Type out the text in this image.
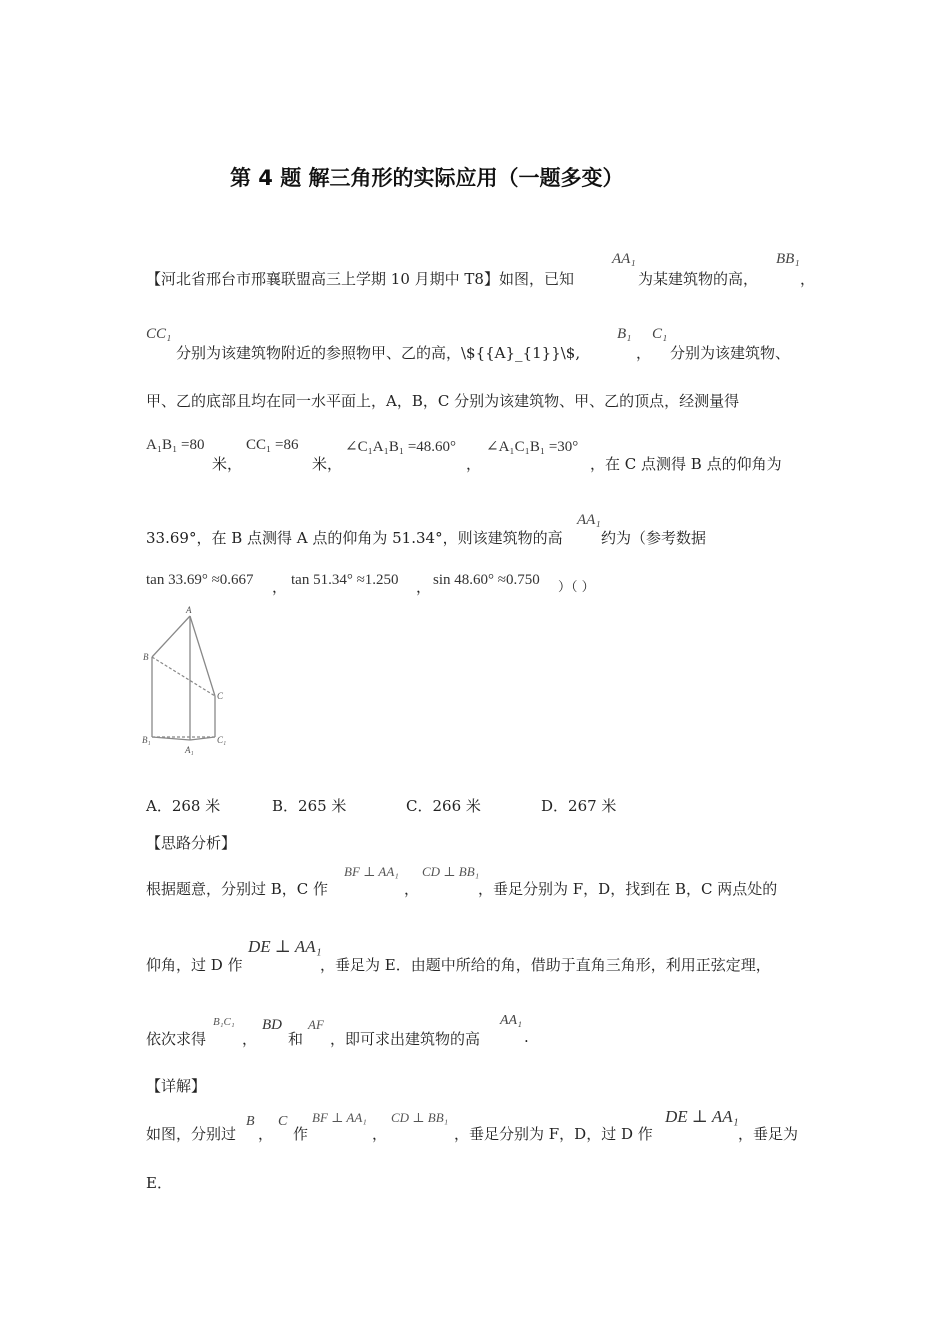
第 4 题 解三角形的实际应用（一题多变）
【河北省邢台市邢襄联盟高三上学期 10 月期中 T8】如图，已知
AA₁
为某建筑物的高，
BB₁
，
CC₁
分别为该建筑物附近的参照物甲、乙的高，\${{A}_{1}}\$,
B₁
，
C₁
分别为该建筑物、
甲、乙的底部且均在同一水平面上，A，B，C 分别为该建筑物、甲、乙的顶点，经测量得
A₁B₁ =80
米，
CC₁ =86
米，
∠C₁A₁B₁ =48.60°
，
∠A₁C₁B₁ =30°
，在 C 点测得 B 点的仰角为
33.69°，在 B 点测得 A 点的仰角为 51.34°，则该建筑物的高
AA₁
约为（参考数据
tan 33.69° ≈0.667 ， tan 51.34° ≈1.250 ， sin 48.60° ≈0.750 ）（ ）
A
B
C
B₁
A₁
C₁
A．268 米	B．265 米	C．266 米	D．267 米
【思路分析】
根据题意，分别过 B，C 作
BF ⊥ AA₁
，
CD ⊥ BB₁
，垂足分别为 F，D，找到在 B，C 两点处的
仰角，过 D 作
DE ⊥ AA₁
，垂足为 E．由题中所给的角，借助于直角三角形，利用正弦定理，
依次求得
B₁C₁
，
BD
和
AF
，即可求出建筑物的高
AA₁
.
【详解】
如图，分别过
B
，
C
作
BF ⊥ AA₁
，
CD ⊥ BB₁
，垂足分别为 F，D，过 D 作
DE ⊥ AA₁
，垂足为
E．
